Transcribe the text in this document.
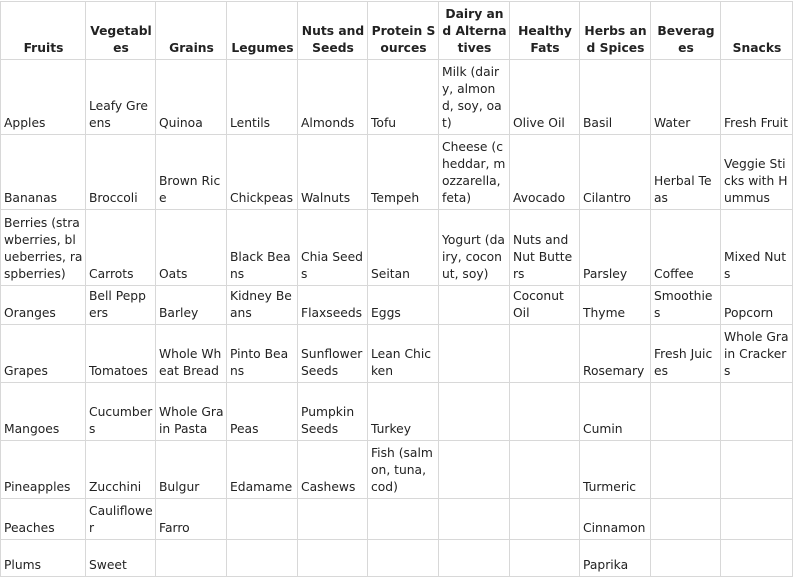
Fruits	Vegetables	Grains	Legumes	Nuts and Seeds	Protein Sources	Dairy and Alternatives	Healthy Fats	Herbs and Spices	Beverages	Snacks
Apples	Leafy Greens	Quinoa	Lentils	Almonds	Tofu	Milk (dairy, almond, soy, oat)	Olive Oil	Basil	Water	Fresh Fruit
Bananas	Broccoli	Brown Rice	Chickpeas	Walnuts	Tempeh	Cheese (cheddar, mozzarella, feta)	Avocado	Cilantro	Herbal Teas	Veggie Sticks with Hummus
Berries (strawberries, blueberries, raspberries)	Carrots	Oats	Black Beans	Chia Seeds	Seitan	Yogurt (dairy, coconut, soy)	Nuts and Nut Butters	Parsley	Coffee	Mixed Nuts
Oranges	Bell Peppers	Barley	Kidney Beans	Flaxseeds	Eggs		Coconut Oil	Thyme	Smoothies	Popcorn
Grapes	Tomatoes	Whole Wheat Bread	Pinto Beans	Sunflower Seeds	Lean Chicken			Rosemary	Fresh Juices	Whole Grain Crackers
Mangoes	Cucumbers	Whole Grain Pasta	Peas	Pumpkin Seeds	Turkey			Cumin		
Pineapples	Zucchini	Bulgur	Edamame	Cashews	Fish (salmon, tuna, cod)			Turmeric		
Peaches	Cauliflower	Farro						Cinnamon		
Plums	Sweet							Paprika		
